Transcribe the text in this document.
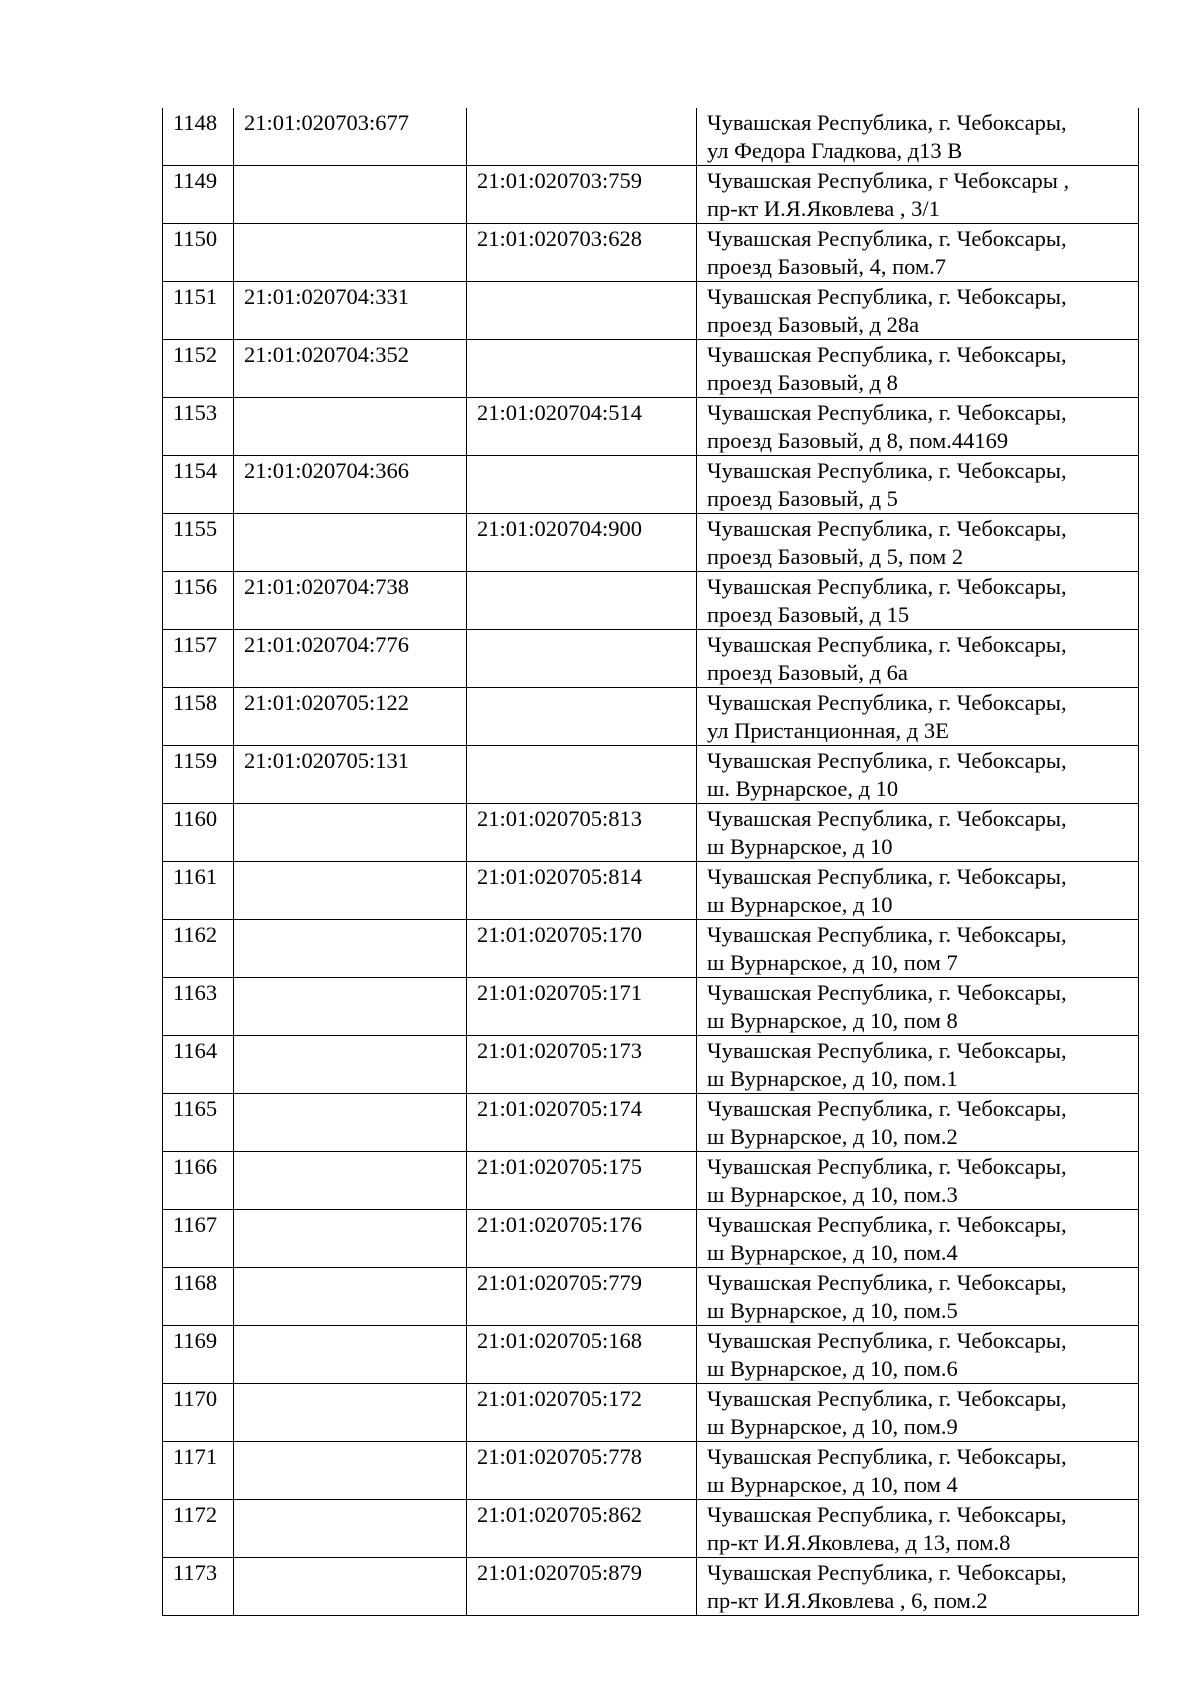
1148	21:01:020703:677		Чувашская Республика, г. Чебоксары,
ул Федора Гладкова, д13 В

1149		21:01:020703:759	Чувашская Республика, г Чебоксары ,
пр-кт И.Я.Яковлева , 3/1

1150		21:01:020703:628	Чувашская Республика, г. Чебоксары,
проезд Базовый, 4, пом.7

1151	21:01:020704:331		Чувашская Республика, г. Чебоксары,
проезд Базовый, д 28а

1152	21:01:020704:352		Чувашская Республика, г. Чебоксары,
проезд Базовый, д 8

1153		21:01:020704:514	Чувашская Республика, г. Чебоксары,
проезд Базовый, д 8, пом.44169

1154	21:01:020704:366		Чувашская Республика, г. Чебоксары,
проезд Базовый, д 5

1155		21:01:020704:900	Чувашская Республика, г. Чебоксары,
проезд Базовый, д 5, пом 2

1156	21:01:020704:738		Чувашская Республика, г. Чебоксары,
проезд Базовый, д 15

1157	21:01:020704:776		Чувашская Республика, г. Чебоксары,
проезд Базовый, д 6а

1158	21:01:020705:122		Чувашская Республика, г. Чебоксары,
ул Пристанционная, д 3Е

1159	21:01:020705:131		Чувашская Республика, г. Чебоксары,
ш. Вурнарское, д 10

1160		21:01:020705:813	Чувашская Республика, г. Чебоксары,
ш Вурнарское, д 10

1161		21:01:020705:814	Чувашская Республика, г. Чебоксары,
ш Вурнарское, д 10

1162		21:01:020705:170	Чувашская Республика, г. Чебоксары,
ш Вурнарское, д 10, пом 7

1163		21:01:020705:171	Чувашская Республика, г. Чебоксары,
ш Вурнарское, д 10, пом 8

1164		21:01:020705:173	Чувашская Республика, г. Чебоксары,
ш Вурнарское, д 10, пом.1

1165		21:01:020705:174	Чувашская Республика, г. Чебоксары,
ш Вурнарское, д 10, пом.2

1166		21:01:020705:175	Чувашская Республика, г. Чебоксары,
ш Вурнарское, д 10, пом.3

1167		21:01:020705:176	Чувашская Республика, г. Чебоксары,
ш Вурнарское, д 10, пом.4

1168		21:01:020705:779	Чувашская Республика, г. Чебоксары,
ш Вурнарское, д 10, пом.5

1169		21:01:020705:168	Чувашская Республика, г. Чебоксары,
ш Вурнарское, д 10, пом.6

1170		21:01:020705:172	Чувашская Республика, г. Чебоксары,
ш Вурнарское, д 10, пом.9

1171		21:01:020705:778	Чувашская Республика, г. Чебоксары,
ш Вурнарское, д 10, пом 4

1172		21:01:020705:862	Чувашская Республика, г. Чебоксары,
пр-кт И.Я.Яковлева, д 13, пом.8

1173		21:01:020705:879	Чувашская Республика, г. Чебоксары,
пр-кт И.Я.Яковлева , 6, пом.2
